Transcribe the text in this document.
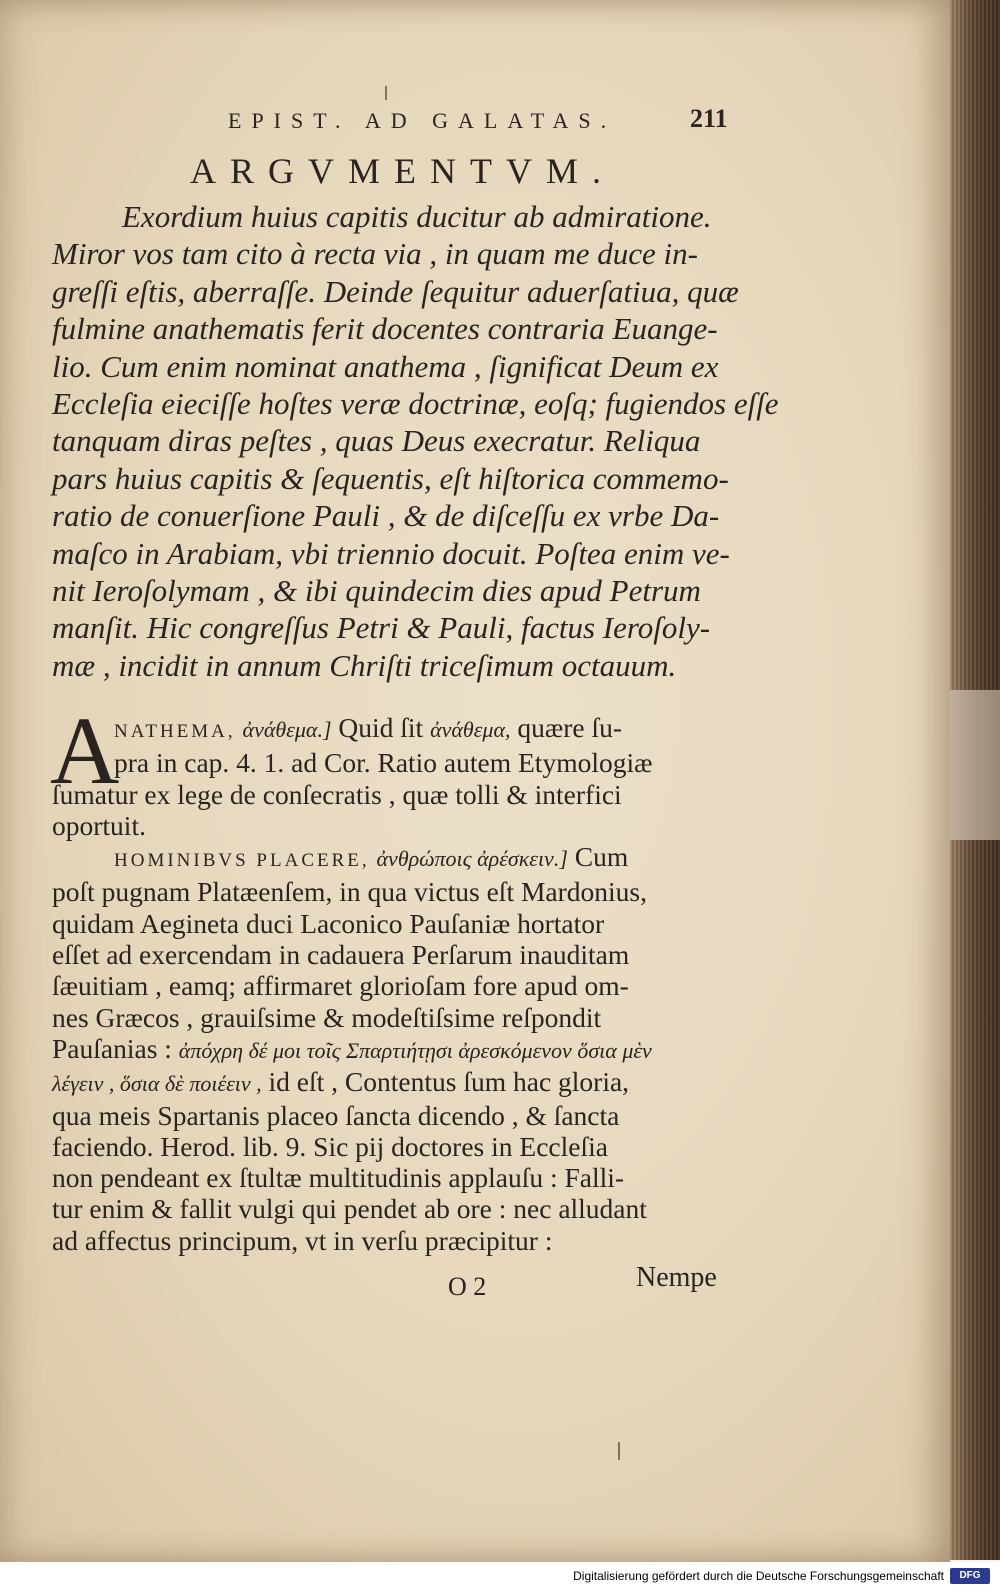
EPIST. AD GALATAS.	211
ARGVMENTVM.

Exordium huius capitis ducitur ab admiratione.

Miror vos tam cito à recta via , in quam me duce in-

greſſi eſtis, aberraſſe. Deinde ſequitur aduerſatiua, quæ

fulmine anathematis ferit docentes contraria Euange-

lio. Cum enim nominat anathema , ſignificat Deum ex

Eccleſia eieciſſe hoſtes veræ doctrinæ, eoſq; fugiendos eſſe

tanquam diras peſtes , quas Deus execratur. Reliqua

pars huius capitis & ſequentis, eſt hiſtorica commemo-

ratio de conuerſione Pauli , & de diſceſſu ex vrbe Da-

maſco in Arabiam, vbi triennio docuit. Poſtea enim ve-

nit Ieroſolymam , & ibi quindecim dies apud Petrum

manſit. Hic congreſſus Petri & Pauli, factus Ieroſoly-

mæ , incidit in annum Chriſti triceſimum octauum.

A

NATHEMA, ἀνάθεμα.] Quid ſit ἀνάθεμα, quære ſu-

pra in cap. 4. 1. ad Cor. Ratio autem Etymologiæ

ſumatur ex lege de conſecratis , quæ tolli & interfici

oportuit.

HOMINIBVS PLACERE, ἀνθρώποις ἀρέσκειν.] Cum

poſt pugnam Platæenſem, in qua victus eſt Mardonius,

quidam Aegineta duci Laconico Pauſaniæ hortator

eſſet ad exercendam in cadauera Perſarum inauditam

ſæuitiam , eamq; affirmaret glorioſam fore apud om-

nes Græcos , grauiſsime & modeſtiſsime reſpondit

Pauſanias : ἀπόχρη δέ μοι τοῖς Σπαρτιήτῃσι ἀρεσκόμενον ὅσια μὲν

λέγειν , ὅσια δὲ ποιέειν , id eſt , Contentus ſum hac gloria,

qua meis Spartanis placeo ſancta dicendo , & ſancta

faciendo. Herod. lib. 9. Sic pij doctores in Eccleſia

non pendeant ex ſtultæ multitudinis applauſu : Falli-

tur enim & fallit vulgi qui pendet ab ore : nec alludant

ad affectus principum, vt in verſu præcipitur :

O 2	Nempe
Digitalisierung gefördert durch die Deutsche Forschungsgemeinschaft	DFG
